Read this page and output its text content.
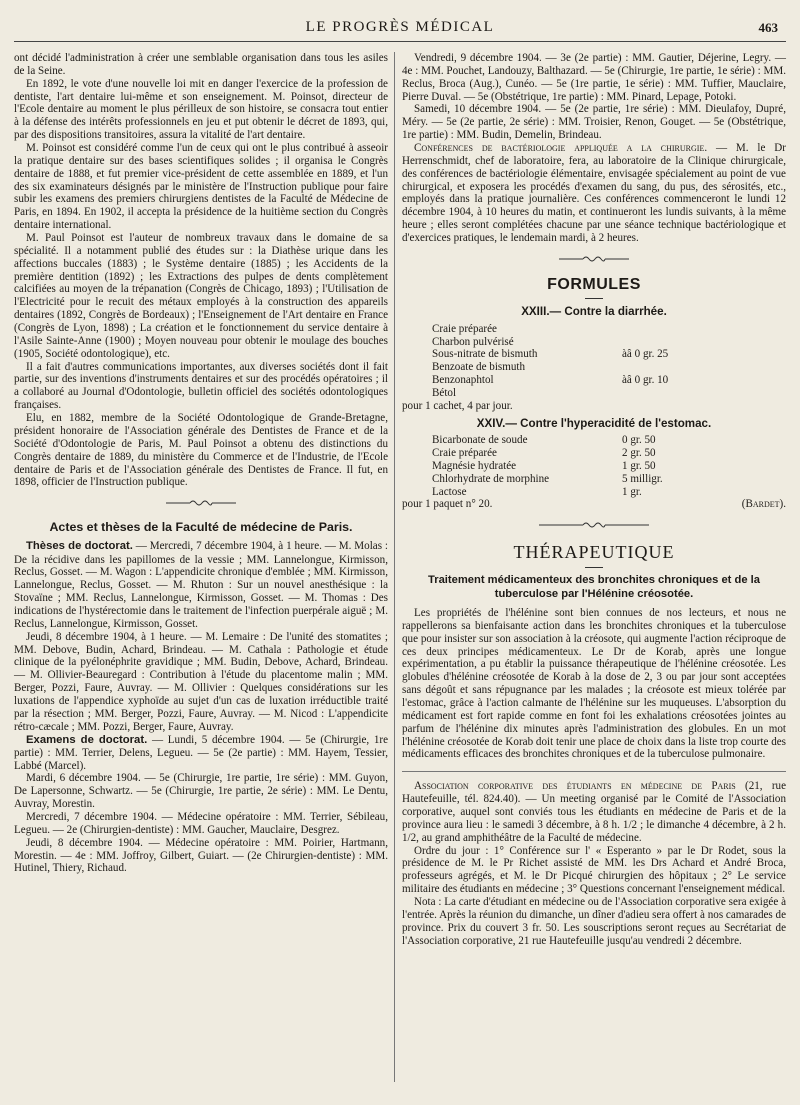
LE PROGRÈS MÉDICAL	463

ont décidé l'administration à créer une semblable organisation dans tous les asiles de la Seine.

En 1892, le vote d'une nouvelle loi mit en danger l'exercice de la profession de dentiste, l'art dentaire lui-même et son enseignement. M. Poinsot, directeur de l'Ecole dentaire au moment le plus périlleux de son histoire, se consacra tout entier à la défense des intérêts professionnels en jeu et put obtenir le décret de 1893, qui, par des dispositions transitoires, assura la vitalité de l'art dentaire.

M. Poinsot est considéré comme l'un de ceux qui ont le plus contribué à asseoir la pratique dentaire sur des bases scientifiques solides ; il organisa le Congrès dentaire de 1888, et fut premier vice-président de cette assemblée en 1889, et l'un des six examinateurs désignés par le ministère de l'Instruction publique pour faire subir les examens des premiers chirurgiens dentistes de la Faculté de Médecine de Paris, en 1894. En 1902, il accepta la présidence de la huitième section du Congrès dentaire international.

M. Paul Poinsot est l'auteur de nombreux travaux dans le domaine de sa spécialité. Il a notamment publié des études sur : la Diathèse urique dans les affections buccales (1883) ; le Système dentaire (1885) ; les Accidents de la première dentition (1892) ; les Extractions des pulpes de dents complètement calcifiées au moyen de la trépanation (Congrès de Chicago, 1893) ; l'Utilisation de l'Electricité pour le recuit des métaux employés à la construction des appareils dentaires (1892, Congrès de Bordeaux) ; l'Enseignement de l'Art dentaire en France (Congrès de Lyon, 1898) ; La création et le fonctionnement du service dentaire à l'Asile Sainte-Anne (1900) ; Moyen nouveau pour obtenir le moulage des bouches (1905, Société odontologique), etc.

Il a fait d'autres communications importantes, aux diverses sociétés dont il fait partie, sur des inventions d'instruments dentaires et sur des procédés opératoires ; il a collaboré au Journal d'Odontologie, bulletin officiel des sociétés odontologiques françaises.

Elu, en 1882, membre de la Société Odontologique de Grande-Bretagne, président honoraire de l'Association générale des Dentistes de France et de la Société d'Odontologie de Paris, M. Paul Poinsot a obtenu des distinctions du Congrès dentaire de 1889, du ministère du Commerce et de l'Industrie, de l'Ecole dentaire de Paris et de l'Association générale des Dentistes de France. Il fut, en 1898, officier de l'Instruction publique.

Actes et thèses de la Faculté de médecine de Paris.

Thèses de doctorat. — Mercredi, 7 décembre 1904, à 1 heure. — M. Molas : De la récidive dans les papillomes de la vessie ; MM. Lannelongue, Kirmisson, Reclus, Gosset. — M. Wagon : L'appendicite chronique d'emblée ; MM. Kirmisson, Lannelongue, Reclus, Gosset. — M. Rhuton : Sur un nouvel anesthésique : la Stovaïne ; MM. Reclus, Lannelongue, Kirmisson, Gosset. — M. Thomas : Des indications de l'hystérectomie dans le traitement de l'infection puerpérale aiguë ; M. Reclus, Lannelongue, Kirmisson, Gosset.

Jeudi, 8 décembre 1904, à 1 heure. — M. Lemaire : De l'unité des stomatites ; MM. Debove, Budin, Achard, Brindeau. — M. Cathala : Pathologie et étude clinique de la pyélonéphrite gravidique ; MM. Budin, Debove, Achard, Brindeau. — M. Ollivier-Beauregard : Contribution à l'étude du placentome malin ; MM. Berger, Pozzi, Faure, Auvray. — M. Ollivier : Quelques considérations sur les luxations de l'appendice xyphoïde au sujet d'un cas de luxation irréductible traité par la résection ; MM. Berger, Pozzi, Faure, Auvray. — M. Nicod : L'appendicite rétro-cæcale ; MM. Pozzi, Berger, Faure, Auvray.

Examens de doctorat. — Lundi, 5 décembre 1904. — 5e (Chirurgie, 1re partie) : MM. Terrier, Delens, Legueu. — 5e (2e partie) : MM. Hayem, Tessier, Labbé (Marcel).

Mardi, 6 décembre 1904. — 5e (Chirurgie, 1re partie, 1re série) : MM. Guyon, De Lapersonne, Schwartz. — 5e (Chirurgie, 1re partie, 2e série) : MM. Le Dentu, Auvray, Morestin.

Mercredi, 7 décembre 1904. — Médecine opératoire : MM. Terrier, Sébileau, Legueu. — 2e (Chirurgien-dentiste) : MM. Gaucher, Mauclaire, Desgrez.

Jeudi, 8 décembre 1904. — Médecine opératoire : MM. Poirier, Hartmann, Morestin. — 4e : MM. Joffroy, Gilbert, Guiart. — (2e Chirurgien-dentiste) : MM. Hutinel, Thiery, Richaud.

Vendredi, 9 décembre 1904. — 3e (2e partie) : MM. Gautier, Déjerine, Legry. — 4e : MM. Pouchet, Landouzy, Balthazard. — 5e (Chirurgie, 1re partie, 1e série) : MM. Reclus, Broca (Aug.), Cunéo. — 5e (1re partie, 1e série) : MM. Tuffier, Mauclaire, Pierre Duval. — 5e (Obstétrique, 1re partie) : MM. Pinard, Lepage, Potoki.

Samedi, 10 décembre 1904. — 5e (2e partie, 1re série) : MM. Dieulafoy, Dupré, Méry. — 5e (2e partie, 2e série) : MM. Troisier, Renon, Gouget. — 5e (Obstétrique, 1re partie) : MM. Budin, Demelin, Brindeau.

Conférences de bactériologie appliquée a la chirurgie. — M. le Dr Herrenschmidt, chef de laboratoire, fera, au laboratoire de la Clinique chirurgicale, des conférences de bactériologie élémentaire, envisagée spécialement au point de vue chirurgical, et exposera les procédés d'examen du sang, du pus, des sérosités, etc., employés dans la pratique journalière. Ces conférences commenceront le lundi 12 décembre 1904, à 10 heures du matin, et continueront les lundis suivants, à la même heure ; elles seront complétées chacune par une séance technique bactériologique et d'exercices pratiques, le lendemain mardi, à 2 heures.

FORMULES
XXIII.— Contre la diarrhée.
Craie préparée	
Charbon pulvérisé	
Sous-nitrate de bismuth	àâ 0 gr. 25
Benzoate de bismuth	
Benzonaphtol	àâ 0 gr. 10
Bétol	

pour 1 cachet, 4 par jour.

XXIV.— Contre l'hyperacidité de l'estomac.
Bicarbonate de soude	0 gr. 50
Craie préparée	2 gr. 50
Magnésie hydratée	1 gr. 50
Chlorhydrate de morphine	5 milligr.
Lactose	1 gr.

pour 1 paquet n° 20.	(Bardet).

THÉRAPEUTIQUE
Traitement médicamenteux des bronchites chroniques et de la tuberculose par l'Hélénine créosotée.

Les propriétés de l'hélénine sont bien connues de nos lecteurs, et nous ne rappellerons sa bienfaisante action dans les bronchites chroniques et la tuberculose que pour insister sur son association à la créosote, qui augmente l'action réciproque de ces deux principes médicamenteux. Le Dr de Korab, après une longue expérimentation, a pu établir la puissance thérapeutique de l'hélénine créosotée. Les globules d'hélénine créosotée de Korab à la dose de 2, 3 ou par jour sont acceptées sans dégoût et sans répugnance par les malades ; la créosote est mieux tolérée par l'estomac, grâce à l'action calmante de l'hélénine sur les muqueuses. L'absorption du médicament est fort rapide comme en font foi les exhalations créosotées jointes au parfum de l'hélénine dix minutes après l'administration des globules. En un mot l'hélénine créosotée de Korab doit tenir une place de choix dans la liste trop courte des médicaments efficaces des bronchites chroniques et de la tuberculose pulmonaire.

Association corporative des étudiants en médecine de Paris (21, rue Hautefeuille, tél. 824.40). — Un meeting organisé par le Comité de l'Association corporative, auquel sont conviés tous les étudiants en médecine de Paris et de la province aura lieu : le samedi 3 décembre, à 8 h. 1/2 ; le dimanche 4 décembre, à 2 h. 1/2, au grand amphithéâtre de la Faculté de médecine.

Ordre du jour : 1° Conférence sur l' « Esperanto » par le Dr Rodet, sous la présidence de M. le Pr Richet assisté de MM. les Drs Achard et André Broca, professeurs agrégés, et M. le Dr Picqué chirurgien des hôpitaux ; 2° Le service militaire des étudiants en médecine ; 3° Questions concernant l'enseignement médical.

Nota : La carte d'étudiant en médecine ou de l'Association corporative sera exigée à l'entrée. Après la réunion du dimanche, un dîner d'adieu sera offert à nos camarades de province. Prix du couvert 3 fr. 50. Les souscriptions seront reçues au Secrétariat de l'Association corporative, 21 rue Hautefeuille jusqu'au vendredi 2 décembre.
